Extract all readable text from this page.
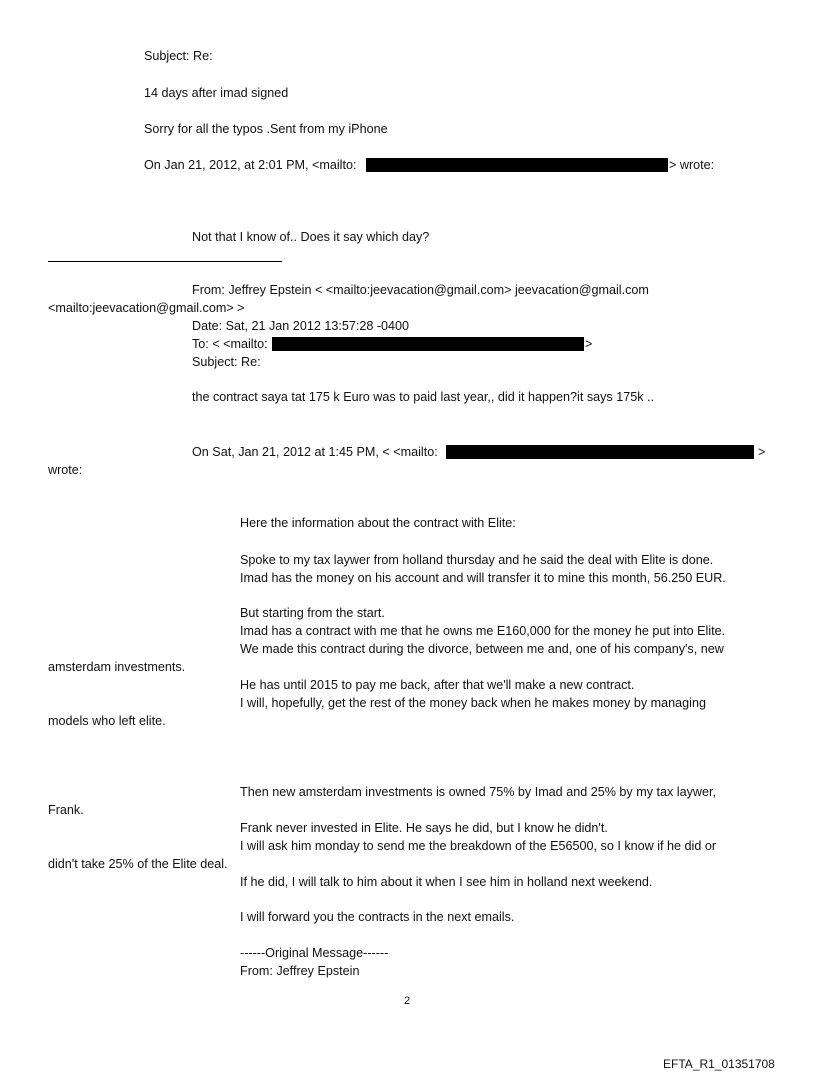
Subject: Re:
14 days after imad signed
Sorry for all the typos .Sent from my iPhone
On Jan 21, 2012, at 2:01 PM, <mailto:	> wrote:
Not that I know of.. Does it say which day?
From: Jeffrey Epstein < <mailto:jeevacation@gmail.com> jeevacation@gmail.com
<mailto:jeevacation@gmail.com> >
Date: Sat, 21 Jan 2012 13:57:28 -0400
To: < <mailto:	>
Subject: Re:
the contract saya tat 175 k Euro was to paid last year,, did it happen?it says 175k ..
On Sat, Jan 21, 2012 at 1:45 PM, < <mailto:	>
wrote:
Here the information about the contract with Elite:
Spoke to my tax laywer from holland thursday and he said the deal with Elite is done.
Imad has the money on his account and will transfer it to mine this month, 56.250 EUR.
But starting from the start.
Imad has a contract with me that he owns me E160,000 for the money he put into Elite.
We made this contract during the divorce, between me and, one of his company's, new
amsterdam investments.
He has until 2015 to pay me back, after that we'll make a new contract.
I will, hopefully, get the rest of the money back when he makes money by managing
models who left elite.
Then new amsterdam investments is owned 75% by Imad and 25% by my tax laywer,
Frank.
Frank never invested in Elite. He says he did, but I know he didn't.
I will ask him monday to send me the breakdown of the E56500, so I know if he did or
didn't take 25% of the Elite deal.
If he did, I will talk to him about it when I see him in holland next weekend.
I will forward you the contracts in the next emails.
------Original Message------
From: Jeffrey Epstein
2
EFTA_R1_01351708
